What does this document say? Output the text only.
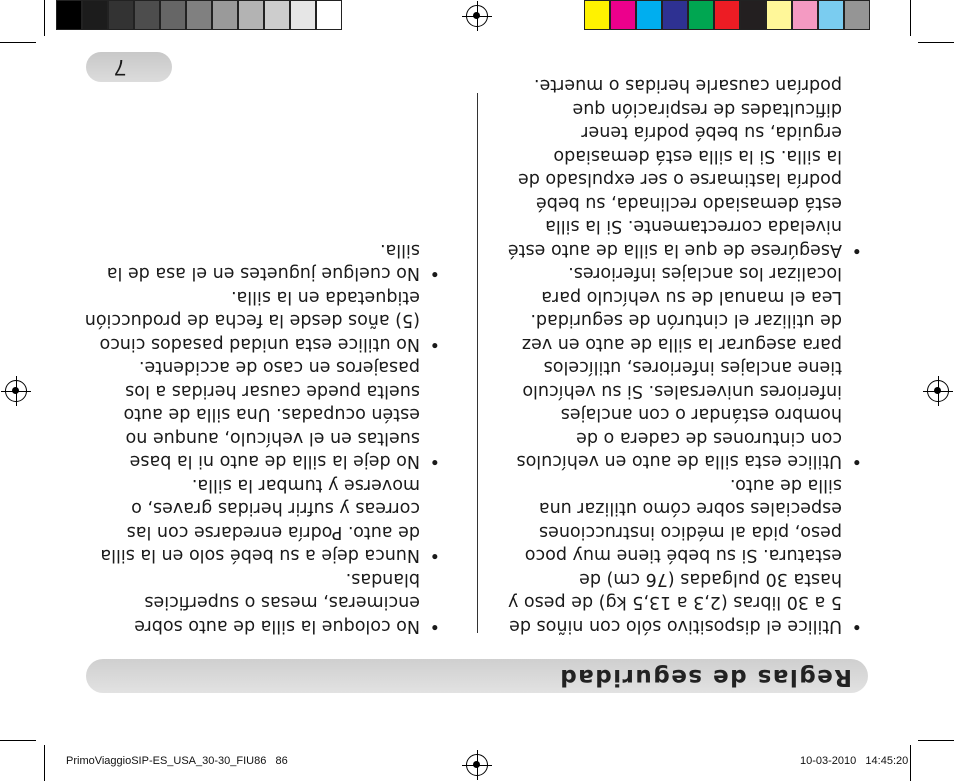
7
Reglas de seguridad
• Utilice el dispositivo sólo con niños de 5 a 30 libras (2,3 a 13,5 kg) de peso y hasta 30 pulgadas (76 cm) de estatura. Si su bebé tiene muy poco peso, pida al médico instrucciones especiales sobre cómo utilizar una silla de auto.
• Utilice esta silla de auto en vehículos con cinturones de cadera o de hombro estándar o con anclajes inferiores universales. Si su vehículo tiene anclajes inferiores, utilícelos para asegurar la silla de auto en vez de utilizar el cinturón de seguridad. Lea el manual de su vehículo para localizar los anclajes inferiores.
• Asegúrese de que la silla de auto esté nivelada correctamente. Si la silla está demasiado reclinada, su bebé podría lastimarse o ser expulsado de la silla. Si la silla está demasiado erguida, su bebé podría tener dificultades de respiración que podrían causarle heridas o muerte.
• No coloque la silla de auto sobre encimeras, mesas o superficies blandas.
• Nunca deje a su bebé solo en la silla de auto. Podría enredarse con las correas y sufrir heridas graves, o moverse y tumbar la silla.
• No deje la silla de auto ni la base sueltas en el vehículo, aunque no estén ocupadas. Una silla de auto suelta puede causar heridas a los pasajeros en caso de accidente.
• No utilice esta unidad pasados cinco (5) años desde la fecha de producción etiquetada en la silla.
• No cuelgue juguetes en el asa de la silla.
PrimoViaggioSIP-ES_USA_30-30_FIU86   86	10-03-2010   14:45:20
